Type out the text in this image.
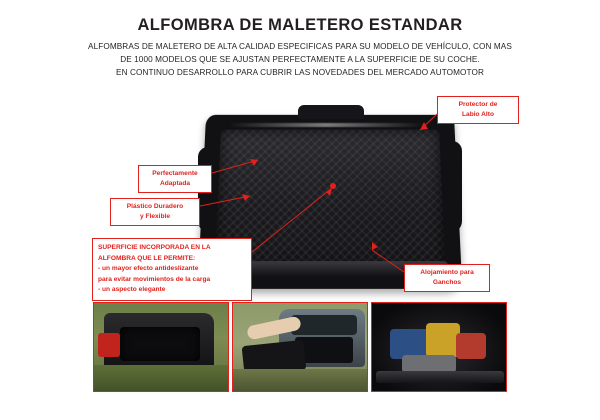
ALFOMBRA DE MALETERO ESTANDAR
ALFOMBRAS DE MALETERO DE ALTA CALIDAD ESPECIFICAS PARA SU MODELO DE VEHÍCULO, CON MAS
DE 1000 MODELOS QUE SE AJUSTAN PERFECTAMENTE A LA SUPERFICIE DE SU COCHE.
EN CONTINUO DESARROLLO PARA CUBRIR LAS NOVEDADES DEL MERCADO AUTOMOTOR
Perfectamente
Adaptada
Plástico Duradero
y Flexible
Protector de
Labio Alto
Alojamiento para
Ganchos
SUPERFICIE INCORPORADA EN LA
ALFOMBRA QUE LE PERMITE:
- un mayor efecto antideslizante
para evitar movimientos de la carga
- un aspecto elegante
